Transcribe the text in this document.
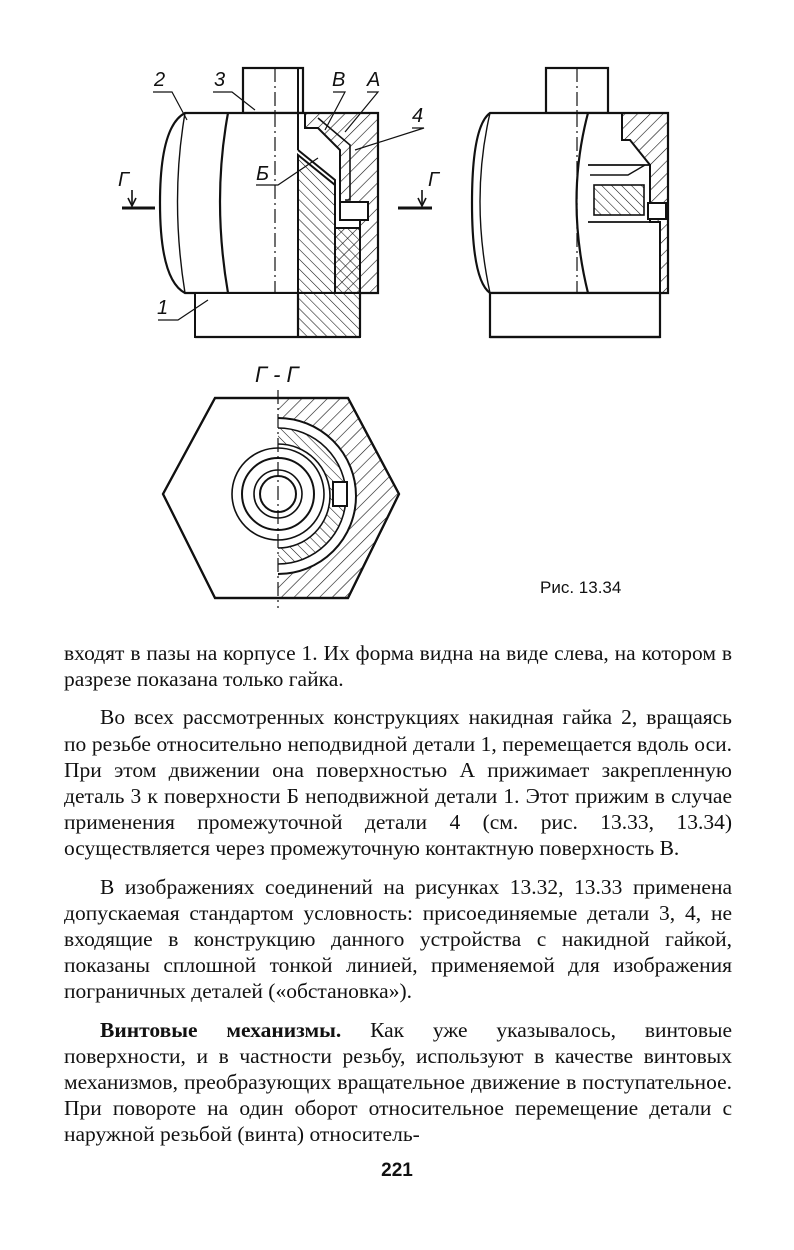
2 3	В А
4
Б
Г	Г
1
Г - Г
Рис. 13.34

входят в пазы на корпусе 1. Их форма видна на виде слева, на котором в разрезе показана только гайка.

Во всех рассмотренных конструкциях накидная гайка 2, вращаясь по резьбе относительно неподвидной детали 1, перемещается вдоль оси. При этом движении она поверхностью А прижимает закрепленную деталь 3 к поверхности Б неподвижной детали 1. Этот прижим в случае применения промежуточной детали 4 (см. рис. 13.33, 13.34) осуществляется через промежуточную контактную поверхность В.

В изображениях соединений на рисунках 13.32, 13.33 применена допускаемая стандартом условность: присоединяемые детали 3, 4, не входящие в конструкцию данного устройства с накидной гайкой, показаны сплошной тонкой линией, применяемой для изображения пограничных деталей («обстановка»).

Винтовые механизмы. Как уже указывалось, винтовые поверхности, и в частности резьбу, используют в качестве винтовых механизмов, преобразующих вращательное движение в поступательное. При повороте на один оборот относительное перемещение детали с наружной резьбой (винта) относитель-

221
